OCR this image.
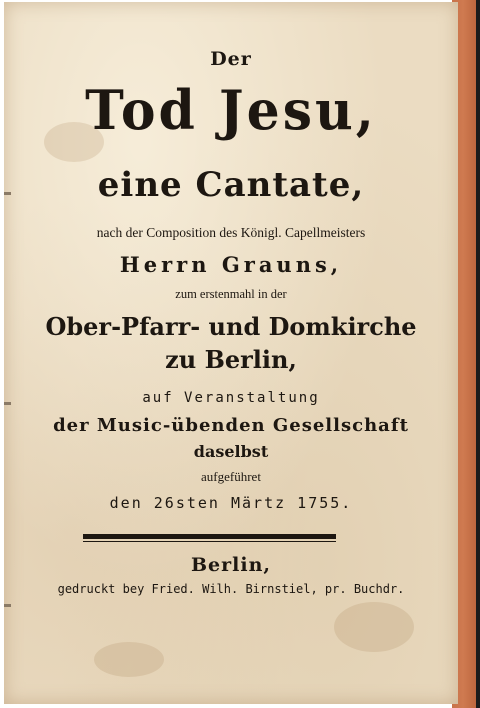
Der
Tod Jesu,
eine Cantate,
nach der Composition des Königl. Capellmeisters
Herrn Grauns,
zum erstenmahl in der
Ober-Pfarr- und Domkirche
zu Berlin,
auf Veranstaltung
der Music-übenden Gesellschaft
daselbst
aufgeführet
den 26sten Märtz 1755.
Berlin,
gedruckt bey Fried. Wilh. Birnstiel, pr. Buchdr.
